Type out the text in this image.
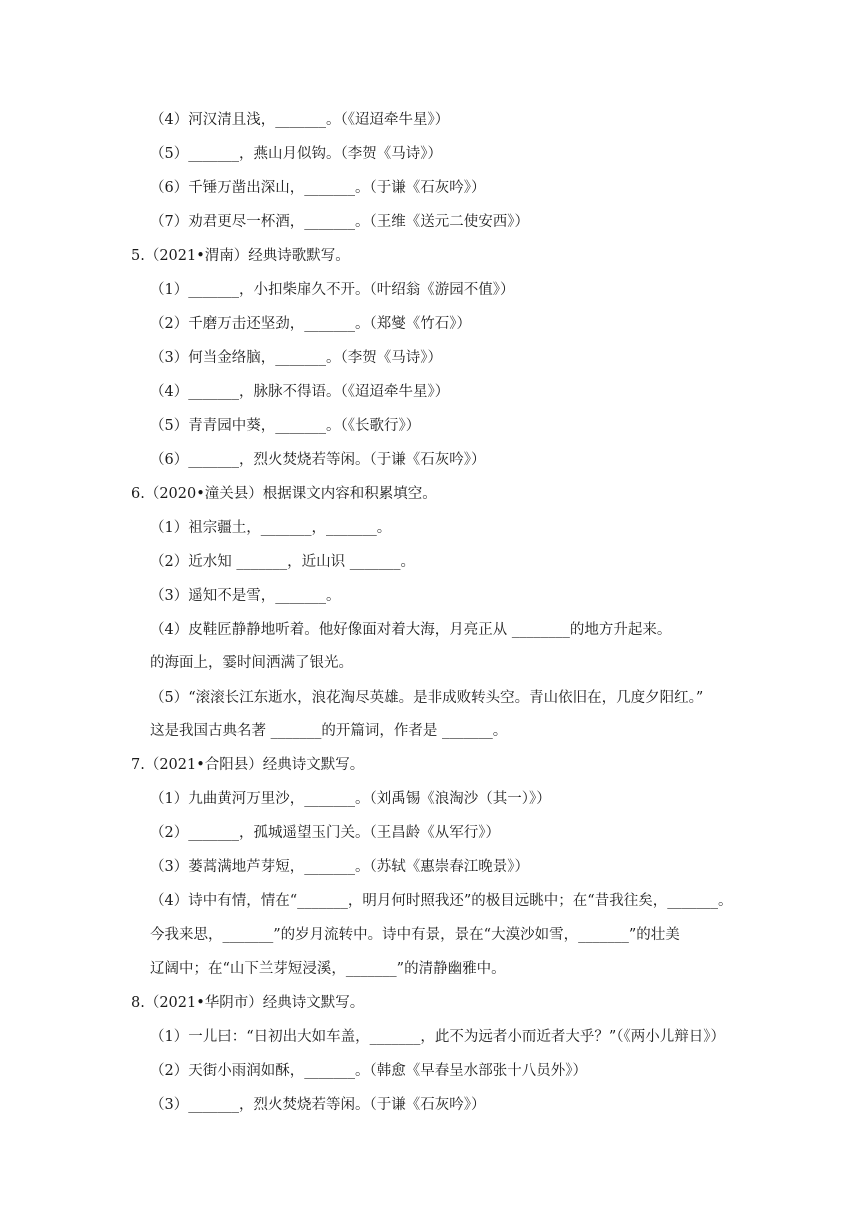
（4）河汉清且浅，_______。（《迢迢牵牛星》）
（5）_______，燕山月似钩。（李贺《马诗》）
（6）千锤万凿出深山，_______。（于谦《石灰吟》）
（7）劝君更尽一杯酒，_______。（王维《送元二使安西》）
5.（2021•渭南）经典诗歌默写。
（1）_______，小扣柴扉久不开。（叶绍翁《游园不值》）
（2）千磨万击还坚劲，_______。（郑燮《竹石》）
（3）何当金络脑，_______。（李贺《马诗》）
（4）_______，脉脉不得语。（《迢迢牵牛星》）
（5）青青园中葵，_______。（《长歌行》）
（6）_______，烈火焚烧若等闲。（于谦《石灰吟》）
6.（2020•潼关县）根据课文内容和积累填空。
（1）祖宗疆土，_______，_______。
（2）近水知 _______，近山识 _______。
（3）遥知不是雪，_______。
（4）皮鞋匠静静地听着。他好像面对着大海，月亮正从 ________的地方升起来。
的海面上，霎时间洒满了银光。
（5）“滚滚长江东逝水，浪花淘尽英雄。是非成败转头空。青山依旧在，几度夕阳红。”
这是我国古典名著 _______的开篇词，作者是 _______。
7.（2021•合阳县）经典诗文默写。
（1）九曲黄河万里沙，_______。（刘禹锡《浪淘沙（其一）》）
（2）_______，孤城遥望玉门关。（王昌龄《从军行》）
（3）蒌蒿满地芦芽短，_______。（苏轼《惠崇春江晚景》）
（4）诗中有情，情在“_______，明月何时照我还”的极目远眺中；在“昔我往矣，_______。
今我来思，_______”的岁月流转中。诗中有景，景在“大漠沙如雪，_______”的壮美
辽阔中；在“山下兰芽短浸溪，_______”的清静幽雅中。
8.（2021•华阴市）经典诗文默写。
（1）一儿曰：“日初出大如车盖，_______，此不为远者小而近者大乎？”（《两小儿辩日》）
（2）天街小雨润如酥，_______。（韩愈《早春呈水部张十八员外》）
（3）_______，烈火焚烧若等闲。（于谦《石灰吟》）
